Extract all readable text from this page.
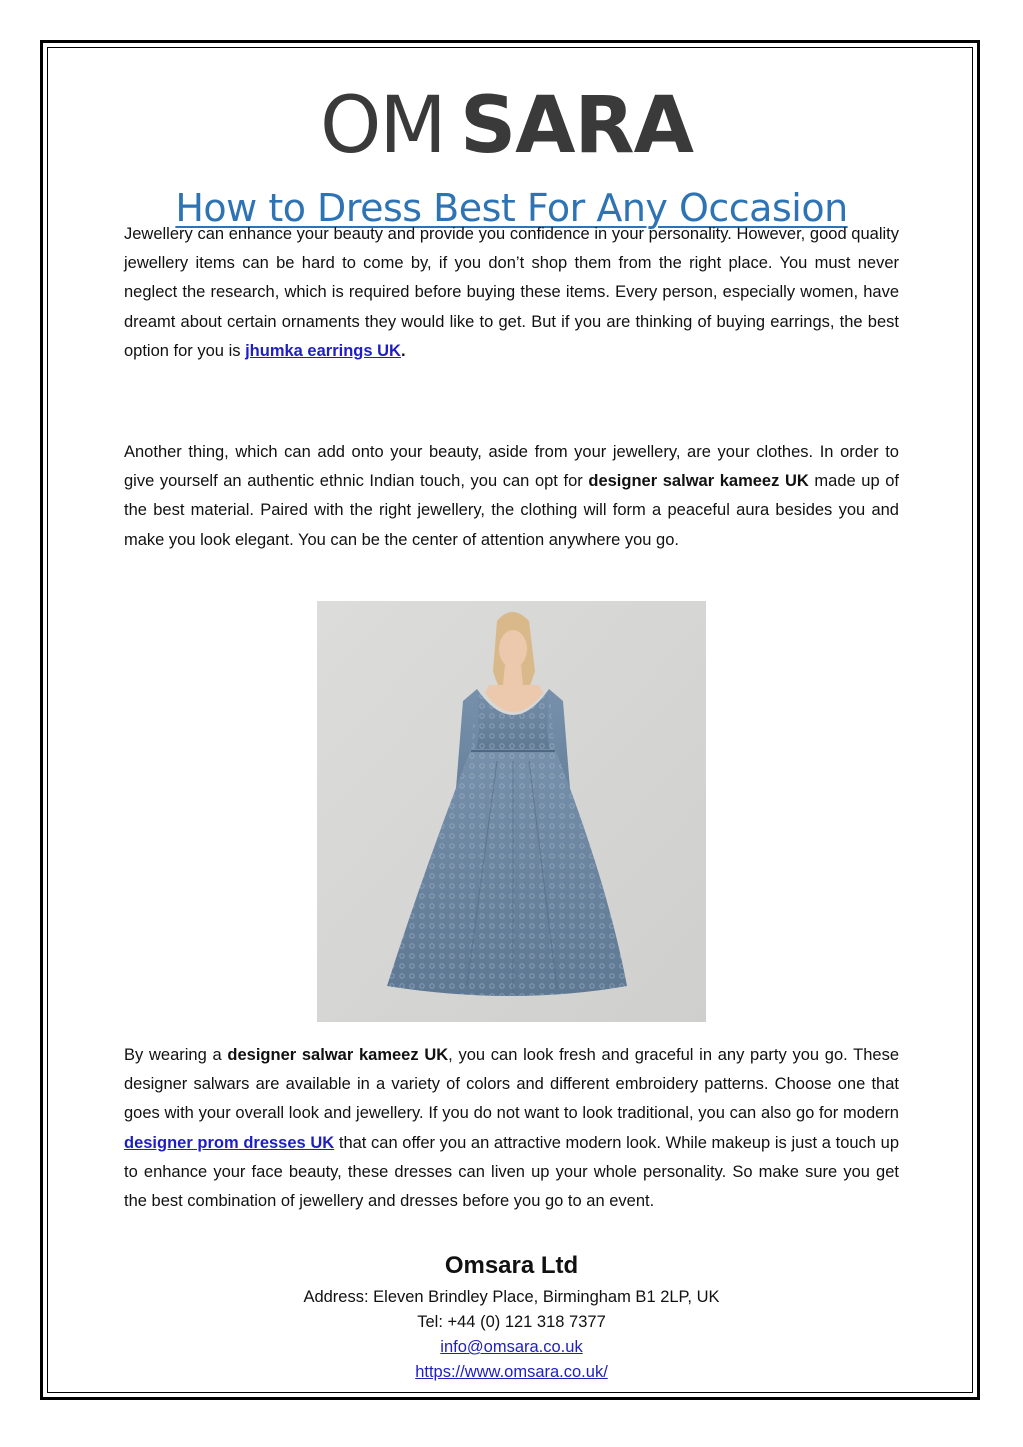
OM SARA
How to Dress Best For Any Occasion

Jewellery can enhance your beauty and provide you confidence in your personality. However, good quality jewellery items can be hard to come by, if you don’t shop them from the right place. You must never neglect the research, which is required before buying these items. Every person, especially women, have dreamt about certain ornaments they would like to get. But if you are thinking of buying earrings, the best option for you is jhumka earrings UK.

Another thing, which can add onto your beauty, aside from your jewellery, are your clothes. In order to give yourself an authentic ethnic Indian touch, you can opt for designer salwar kameez UK made up of the best material. Paired with the right jewellery, the clothing will form a peaceful aura besides you and make you look elegant. You can be the center of attention anywhere you go.

By wearing a designer salwar kameez UK, you can look fresh and graceful in any party you go. These designer salwars are available in a variety of colors and different embroidery patterns. Choose one that goes with your overall look and jewellery. If you do not want to look traditional, you can also go for modern designer prom dresses UK that can offer you an attractive modern look. While makeup is just a touch up to enhance your face beauty, these dresses can liven up your whole personality. So make sure you get the best combination of jewellery and dresses before you go to an event.

Omsara Ltd
Address: Eleven Brindley Place, Birmingham B1 2LP, UK
Tel: +44 (0) 121 318 7377
info@omsara.co.uk
https://www.omsara.co.uk/
